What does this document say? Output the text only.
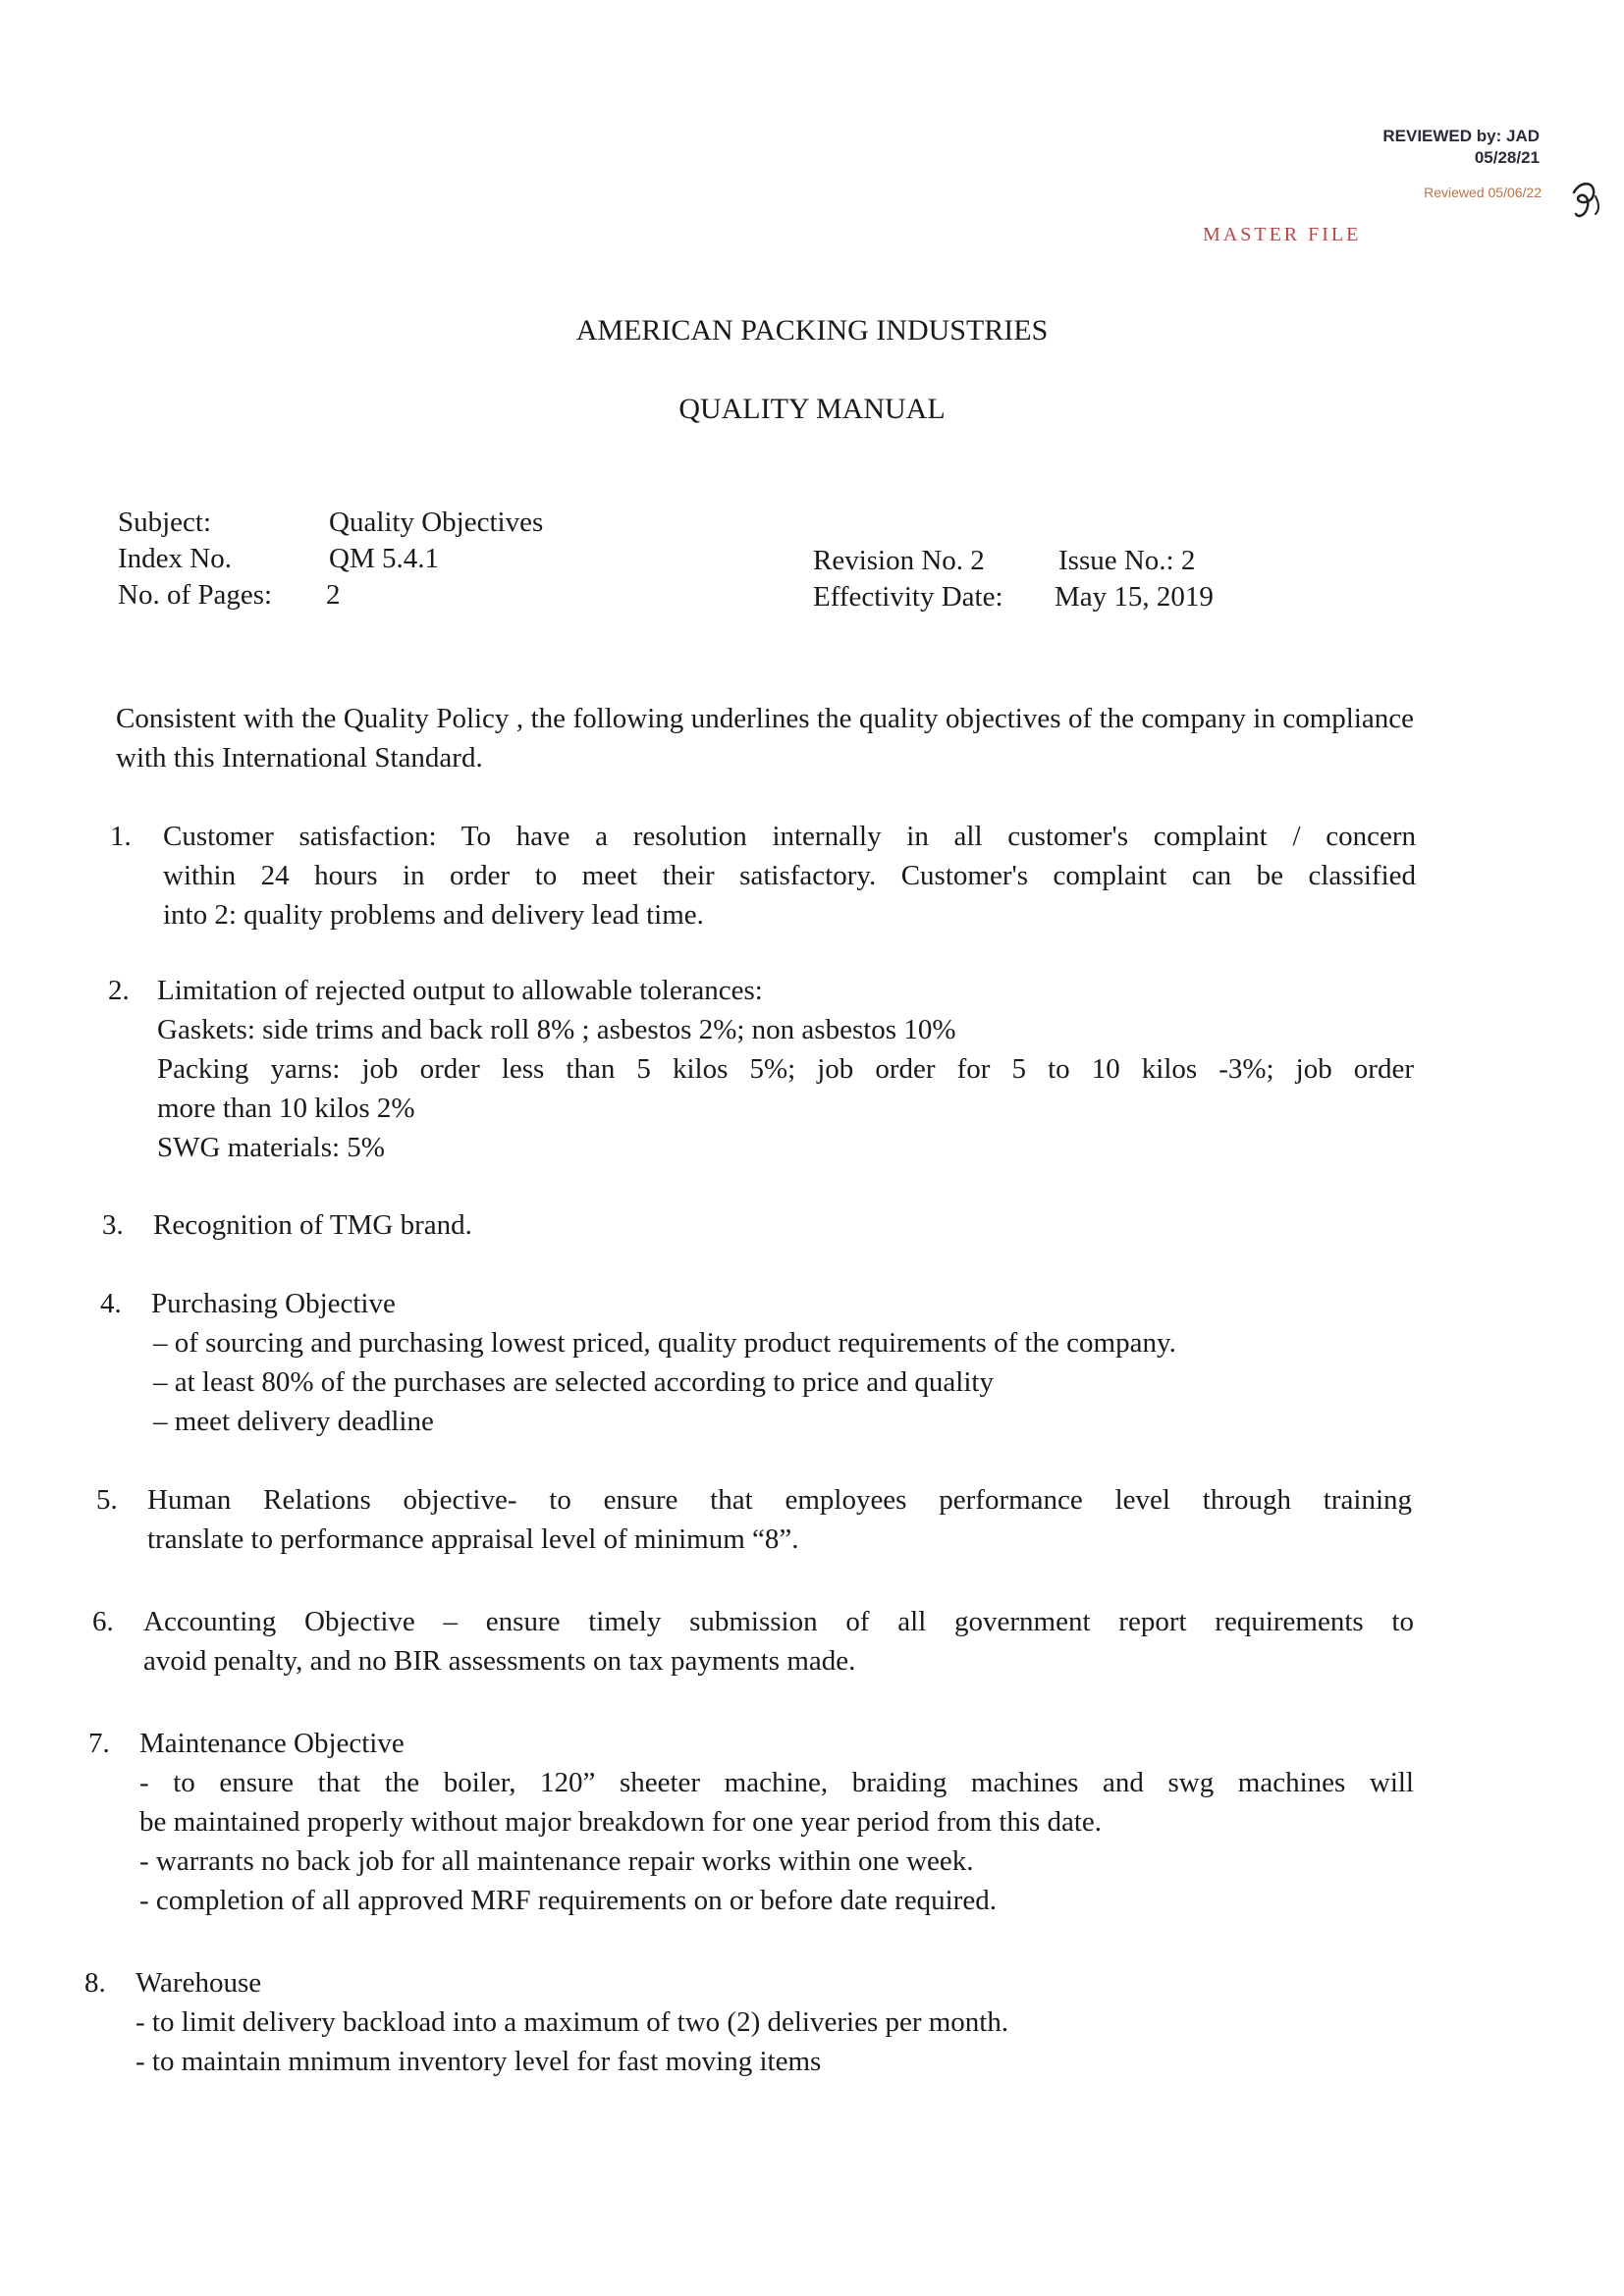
REVIEWED by: JAD
05/28/21
Reviewed 05/06/22
MASTER FILE
AMERICAN PACKING INDUSTRIES
QUALITY MANUAL
Subject:	Quality Objectives
Index No.	QM 5.4.1
No. of Pages:	2
Revision No. 2	Issue No.: 2
Effectivity Date:	May 15, 2019
Consistent with the Quality Policy , the following underlines the quality objectives of the company in compliance with this International Standard.
1. Customer satisfaction: To have a resolution internally in all customer's complaint / concern
within 24 hours in order to meet their satisfactory. Customer's complaint can be classified
into 2: quality problems and delivery lead time.
2. Limitation of rejected output to allowable tolerances:
Gaskets: side trims and back roll 8% ; asbestos 2%; non asbestos 10%
Packing yarns: job order less than 5 kilos 5%; job order for 5 to 10 kilos -3%; job order
more than 10 kilos 2%
SWG materials: 5%
3. Recognition of TMG brand.
4. Purchasing Objective
– of sourcing and purchasing lowest priced, quality product requirements of the company.
– at least 80% of the purchases are selected according to price and quality
– meet delivery deadline
5. Human Relations objective- to ensure that employees performance level through training
translate to performance appraisal level of minimum “8”.
6. Accounting Objective – ensure timely submission of all government report requirements to
avoid penalty, and no BIR assessments on tax payments made.
7. Maintenance Objective
- to ensure that the boiler, 120” sheeter machine, braiding machines and swg machines will
be maintained properly without major breakdown for one year period from this date.
- warrants no back job for all maintenance repair works within one week.
- completion of all approved MRF requirements on or before date required.
8. Warehouse
- to limit delivery backload into a maximum of two (2) deliveries per month.
- to maintain mnimum inventory level for fast moving items
